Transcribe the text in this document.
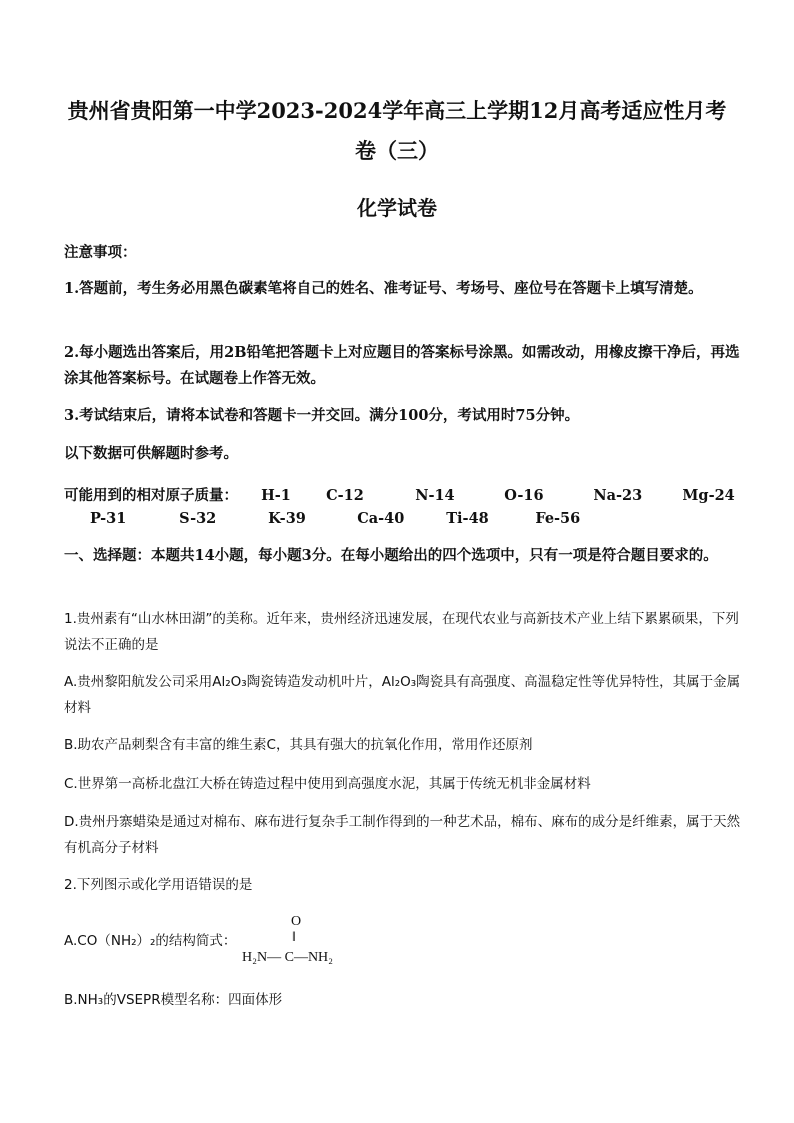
贵州省贵阳第一中学2023-2024学年高三上学期12月高考适应性月考
卷（三）
化学试卷
注意事项：
1.答题前，考生务必用黑色碳素笔将自己的姓名、准考证号、考场号、座位号在答题卡上填写清楚。
2.每小题选出答案后，用2B铅笔把答题卡上对应题目的答案标号涂黑。如需改动，用橡皮擦干净后，再选涂其他答案标号。在试题卷上作答无效。
3.考试结束后，请将本试卷和答题卡一并交回。满分100分，考试用时75分钟。
以下数据可供解题时参考。
可能用到的相对原子质量： H-1 C-12	N-14	O-16	Na-23	Mg-24
P-31	S-32	K-39	Ca-40	Ti-48	Fe-56
一、选择题：本题共14小题，每小题3分。在每小题给出的四个选项中，只有一项是符合题目要求的。
1.贵州素有“山水林田湖”的美称。近年来，贵州经济迅速发展，在现代农业与高新技术产业上结下累累硕果，下列说法不正确的是
A.贵州黎阳航发公司采用Al₂O₃陶瓷铸造发动机叶片，Al₂O₃陶瓷具有高强度、高温稳定性等优异特性，其属于金属材料
B.助农产品刺梨含有丰富的维生素C，其具有强大的抗氧化作用，常用作还原剂
C.世界第一高桥北盘江大桥在铸造过程中使用到高强度水泥，其属于传统无机非金属材料
D.贵州丹寨蜡染是通过对棉布、麻布进行复杂手工制作得到的一种艺术品，棉布、麻布的成分是纤维素，属于天然有机高分子材料
2.下列图示或化学用语错误的是
A.CO（NH₂）₂的结构简式：
O
‖
H₂N— C—NH₂
B.NH₃的VSEPR模型名称：四面体形
